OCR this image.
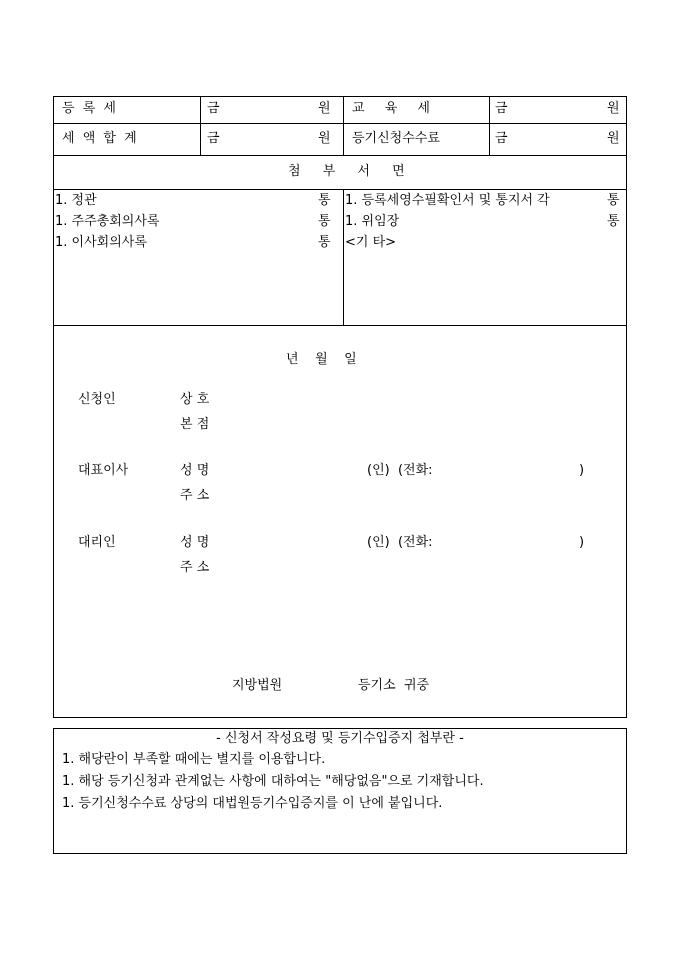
등 록 세	금	원 교 육 세	금	원
세 액 합 계	금	원 등기신청수수료	금	원
첨 부 서 면
1. 정관	통
1. 주주총회의사록	통
1. 이사회의사록	통
1. 등록세영수필확인서 및 통지서 각	통
1. 위임장	통
<기 타>
년    월    일
신청인	상 호
본 점
대표이사	성 명	(인)  (전화:	)
주 소
대리인	성 명	(인)  (전화:	)
주 소
지방법원	등기소  귀중
- 신청서 작성요령 및 등기수입증지 첩부란 -
1. 해당란이 부족할 때에는 별지를 이용합니다.
1. 해당 등기신청과 관계없는 사항에 대하여는 "해당없음"으로 기재합니다.
1. 등기신청수수료 상당의 대법원등기수입증지를 이 난에 붙입니다.
